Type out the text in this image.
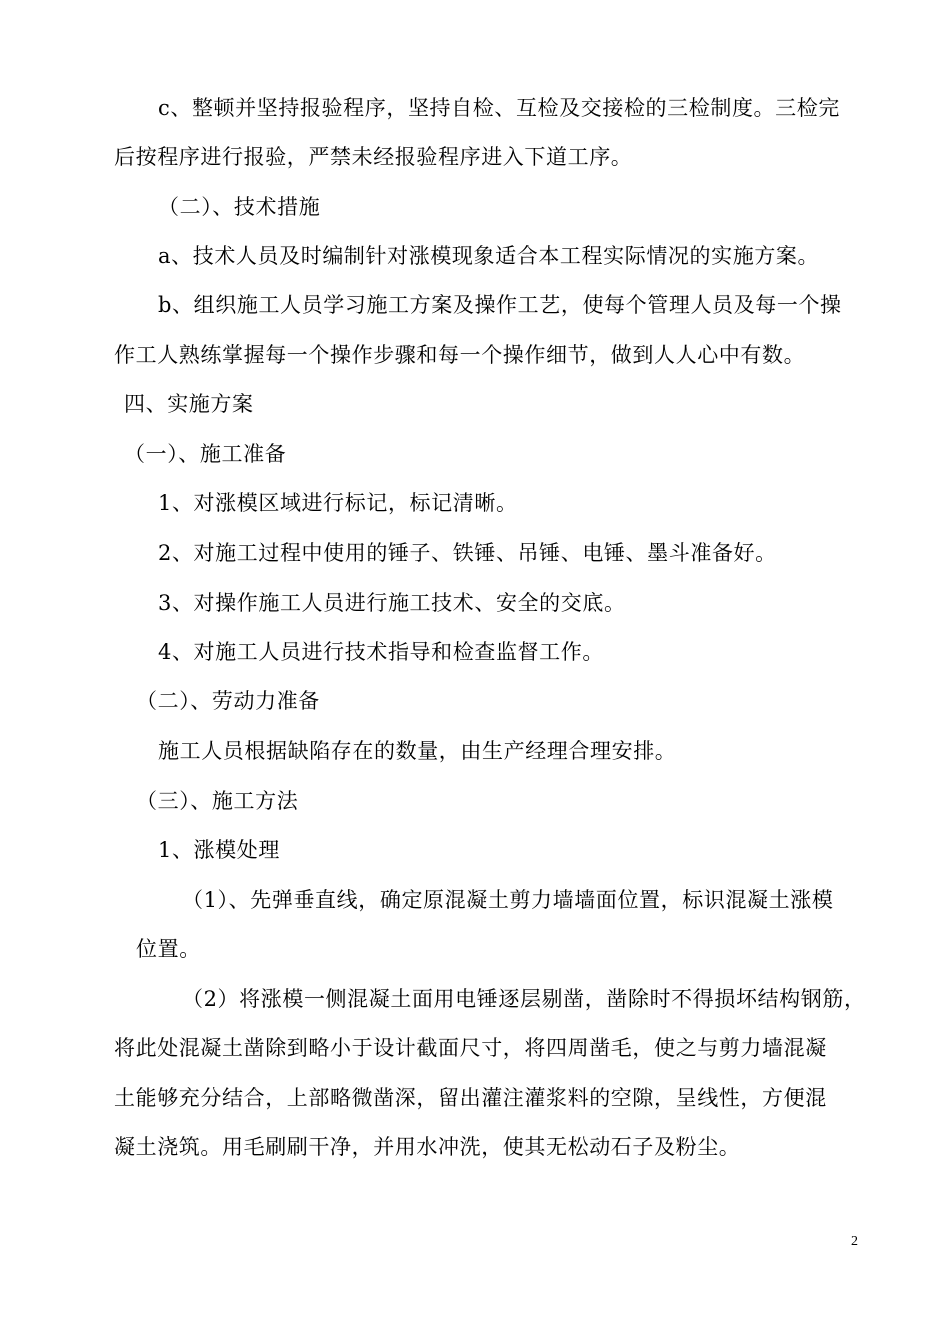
c、整顿并坚持报验程序，坚持自检、互检及交接检的三检制度。三检完
后按程序进行报验，严禁未经报验程序进入下道工序。
（二）、技术措施
a、技术人员及时编制针对涨模现象适合本工程实际情况的实施方案。
b、组织施工人员学习施工方案及操作工艺，使每个管理人员及每一个操
作工人熟练掌握每一个操作步骤和每一个操作细节，做到人人心中有数。
四、实施方案
（一）、施工准备
1、对涨模区域进行标记，标记清晰。
2、对施工过程中使用的锤子、铁锤、吊锤、电锤、墨斗准备好。
3、对操作施工人员进行施工技术、安全的交底。
4、对施工人员进行技术指导和检查监督工作。
（二）、劳动力准备
施工人员根据缺陷存在的数量，由生产经理合理安排。
（三）、施工方法
1、涨模处理
（1）、先弹垂直线，确定原混凝土剪力墙墙面位置，标识混凝土涨模
位置。
（2）将涨模一侧混凝土面用电锤逐层剔凿，凿除时不得损坏结构钢筋，
将此处混凝土凿除到略小于设计截面尺寸，将四周凿毛，使之与剪力墙混凝
土能够充分结合，上部略微凿深，留出灌注灌浆料的空隙，呈线性，方便混
凝土浇筑。用毛刷刷干净，并用水冲洗，使其无松动石子及粉尘。
2
